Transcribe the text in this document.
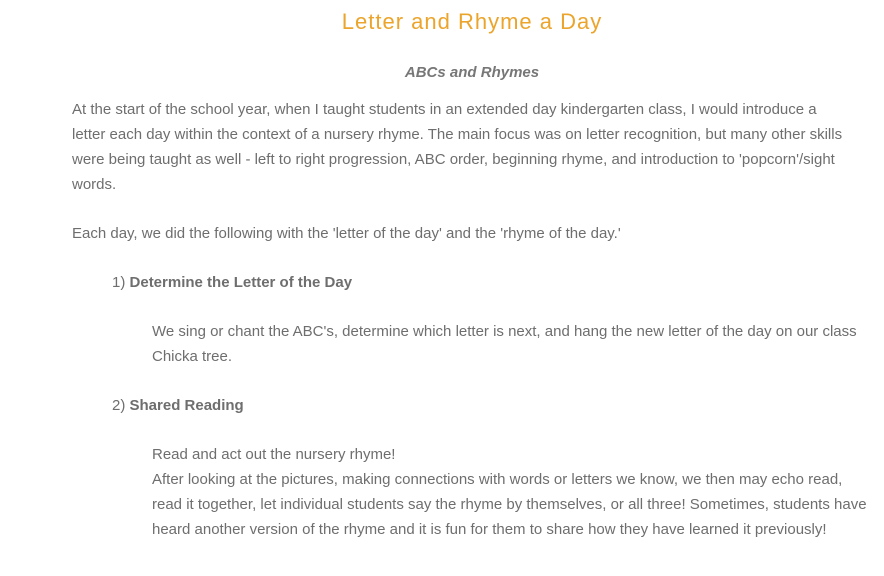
Letter and Rhyme a Day
ABCs and Rhymes

At the start of the school year, when I taught students in an extended day kindergarten class, I would introduce a letter each day within the context of a nursery rhyme. The main focus was on letter recognition, but many other skills were being taught as well - left to right progression, ABC order, beginning rhyme, and introduction to 'popcorn'/sight words.

Each day, we did the following with the 'letter of the day' and the 'rhyme of the day.'

1) Determine the Letter of the Day

We sing or chant the ABC's, determine which letter is next, and hang the new letter of the day on our class Chicka tree.

2) Shared Reading
Read and act out the nursery rhyme!
After looking at the pictures, making connections with words or letters we know, we then may echo read, read it together, let individual students say the rhyme by themselves, or all three! Sometimes, students have heard another version of the rhyme and it is fun for them to share how they have learned it previously!
